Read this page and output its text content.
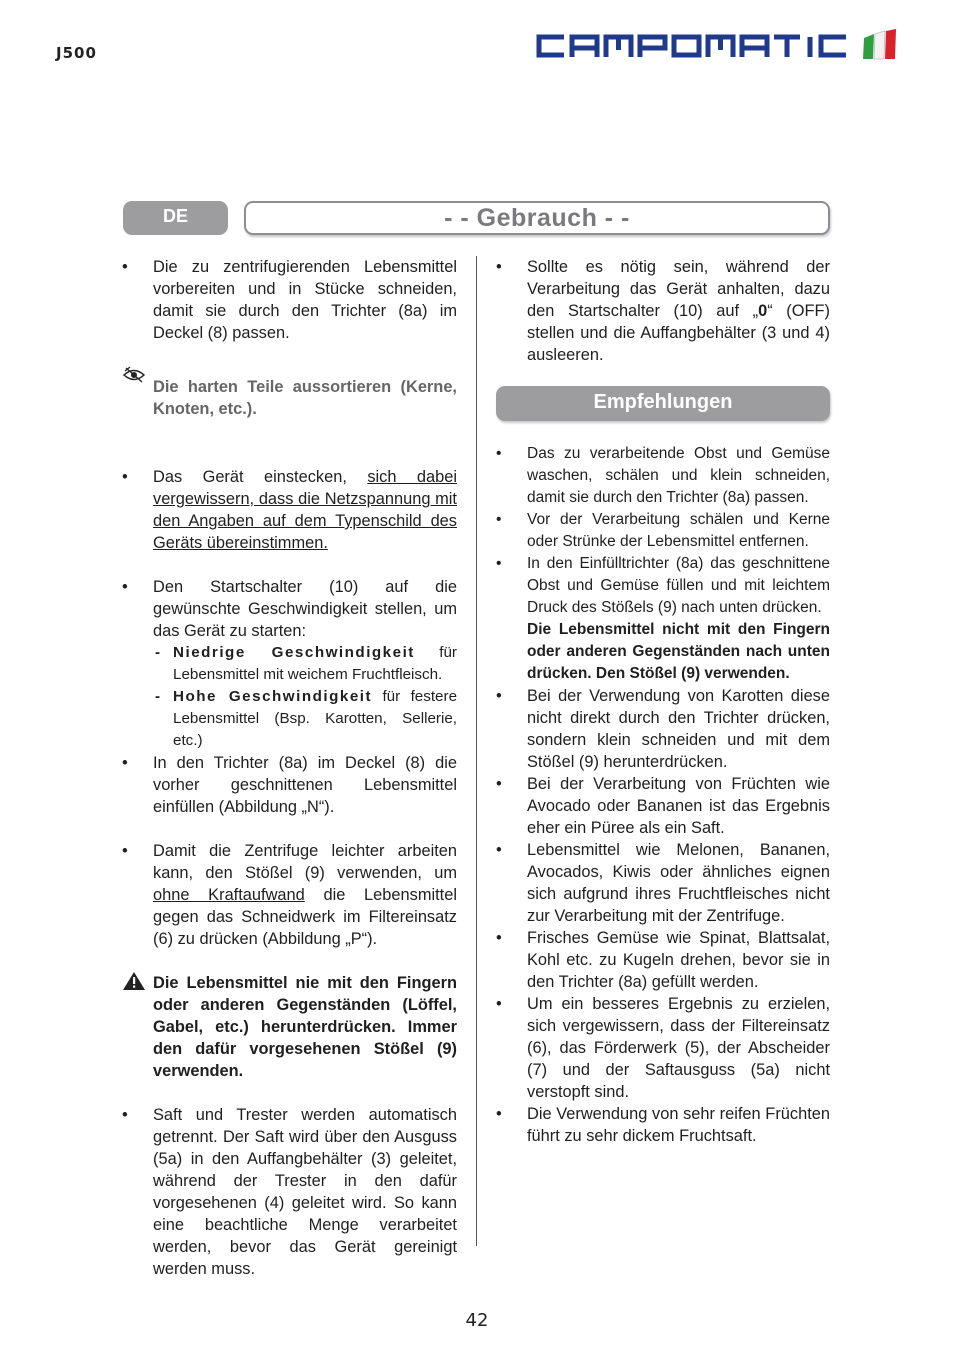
J500
DE	- - Gebrauch - -
• Die zu zentrifugierenden Lebensmittel vorbereiten und in Stücke schneiden, damit sie durch den Trichter (8a) im Deckel (8) passen.
Die harten Teile aussortieren (Kerne, Knoten, etc.).
• Das Gerät einstecken, sich dabei vergewissern, dass die Netzspannung mit den Angaben auf dem Typenschild des Geräts übereinstimmen.
• Den Startschalter (10) auf die gewünschte Geschwindigkeit stellen, um das Gerät zu starten:
- Niedrige Geschwindigkeit für Lebensmittel mit weichem Fruchtfleisch.
- Hohe Geschwindigkeit für festere Lebensmittel (Bsp. Karotten, Sellerie, etc.)
• In den Trichter (8a) im Deckel (8) die vorher geschnittenen Lebensmittel einfüllen (Abbildung „N“).
• Damit die Zentrifuge leichter arbeiten kann, den Stößel (9) verwenden, um ohne Kraftaufwand die Lebensmittel gegen das Schneidwerk im Filtereinsatz (6) zu drücken (Abbildung „P“).
Die Lebensmittel nie mit den Fingern oder anderen Gegenständen (Löffel, Gabel, etc.) herunterdrücken. Immer den dafür vorgesehenen Stößel (9) verwenden.
• Saft und Trester werden automatisch getrennt. Der Saft wird über den Ausguss (5a) in den Auffangbehälter (3) geleitet, während der Trester in den dafür vorgesehenen (4) geleitet wird. So kann eine beachtliche Menge verarbeitet werden, bevor das Gerät gereinigt werden muss.
• Sollte es nötig sein, während der Verarbeitung das Gerät anhalten, dazu den Startschalter (10) auf „0“ (OFF) stellen und die Auffangbehälter (3 und 4) ausleeren.
Empfehlungen
• Das zu verarbeitende Obst und Gemüse waschen, schälen und klein schneiden, damit sie durch den Trichter (8a) passen.
• Vor der Verarbeitung schälen und Kerne oder Strünke der Lebensmittel entfernen.
• In den Einfülltrichter (8a) das geschnittene Obst und Gemüse füllen und mit leichtem Druck des Stößels (9) nach unten drücken.
Die Lebensmittel nicht mit den Fingern oder anderen Gegenständen nach unten drücken. Den Stößel (9) verwenden.
• Bei der Verwendung von Karotten diese nicht direkt durch den Trichter drücken, sondern klein schneiden und mit dem Stößel (9) herunterdrücken.
• Bei der Verarbeitung von Früchten wie Avocado oder Bananen ist das Ergebnis eher ein Püree als ein Saft.
• Lebensmittel wie Melonen, Bananen, Avocados, Kiwis oder ähnliches eignen sich aufgrund ihres Fruchtfleisches nicht zur Verarbeitung mit der Zentrifuge.
• Frisches Gemüse wie Spinat, Blattsalat, Kohl etc. zu Kugeln drehen, bevor sie in den Trichter (8a) gefüllt werden.
• Um ein besseres Ergebnis zu erzielen, sich vergewissern, dass der Filtereinsatz (6), das Förderwerk (5), der Abscheider (7) und der Saftausguss (5a) nicht verstopft sind.
• Die Verwendung von sehr reifen Früchten führt zu sehr dickem Fruchtsaft.
42
